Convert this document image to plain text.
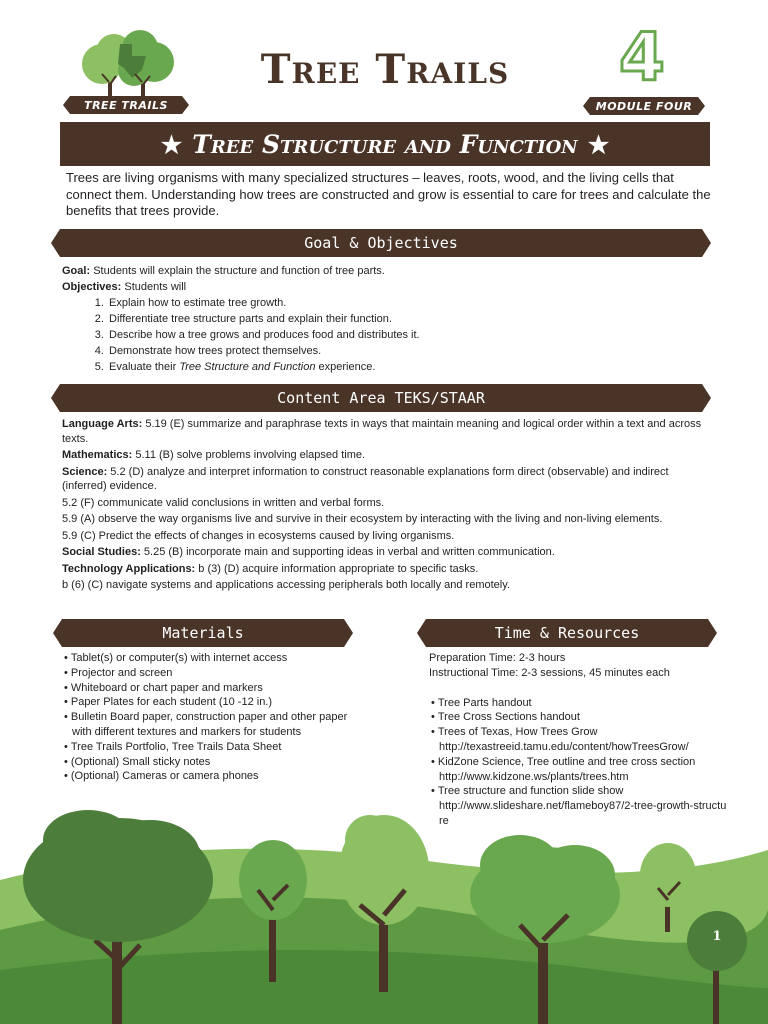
TREE TRAILS
Tree Trails	4
MODULE FOUR
★ Tree Structure and Function ★

Trees are living organisms with many specialized structures – leaves, roots, wood, and the living cells that connect them. Understanding how trees are constructed and grow is essential to care for trees and calculate the benefits that trees provide.

Goal & Objectives
Goal: Students will explain the structure and function of tree parts.
Objectives: Students will
1. Explain how to estimate tree growth.
2. Differentiate tree structure parts and explain their function.
3. Describe how a tree grows and produces food and distributes it.
4. Demonstrate how trees protect themselves.
5. Evaluate their Tree Structure and Function experience.
Content Area TEKS/STAAR

Language Arts: 5.19 (E) summarize and paraphrase texts in ways that maintain meaning and logical order within a text and across texts.

Mathematics: 5.11 (B) solve problems involving elapsed time.

Science: 5.2 (D) analyze and interpret information to construct reasonable explanations form direct (observable) and indirect (inferred) evidence.

5.2 (F) communicate valid conclusions in written and verbal forms.

5.9 (A) observe the way organisms live and survive in their ecosystem by interacting with the living and non-living elements.

5.9 (C) Predict the effects of changes in ecosystems caused by living organisms.

Social Studies: 5.25 (B) incorporate main and supporting ideas in verbal and written communication.

Technology Applications: b (3) (D) acquire information appropriate to specific tasks.

b (6) (C) navigate systems and applications accessing peripherals both locally and remotely.

Materials
• Tablet(s) or computer(s) with internet access
• Projector and screen
• Whiteboard or chart paper and markers
• Paper Plates for each student (10 -12 in.)
• Bulletin Board paper, construction paper and other paper with different textures and markers for students
• Tree Trails Portfolio, Tree Trails Data Sheet
• (Optional) Small sticky notes
• (Optional) Cameras or camera phones
Time & Resources
Preparation Time: 2-3 hours
Instructional Time: 2-3 sessions, 45 minutes each
• Tree Parts handout
• Tree Cross Sections handout
• Trees of Texas, How Trees Grow
http://texastreeid.tamu.edu/content/howTreesGrow/
• KidZone Science, Tree outline and tree cross section
http://www.kidzone.ws/plants/trees.htm
• Tree structure and function slide show
http://www.slideshare.net/flameboy87/2-tree-growth-structure
1
